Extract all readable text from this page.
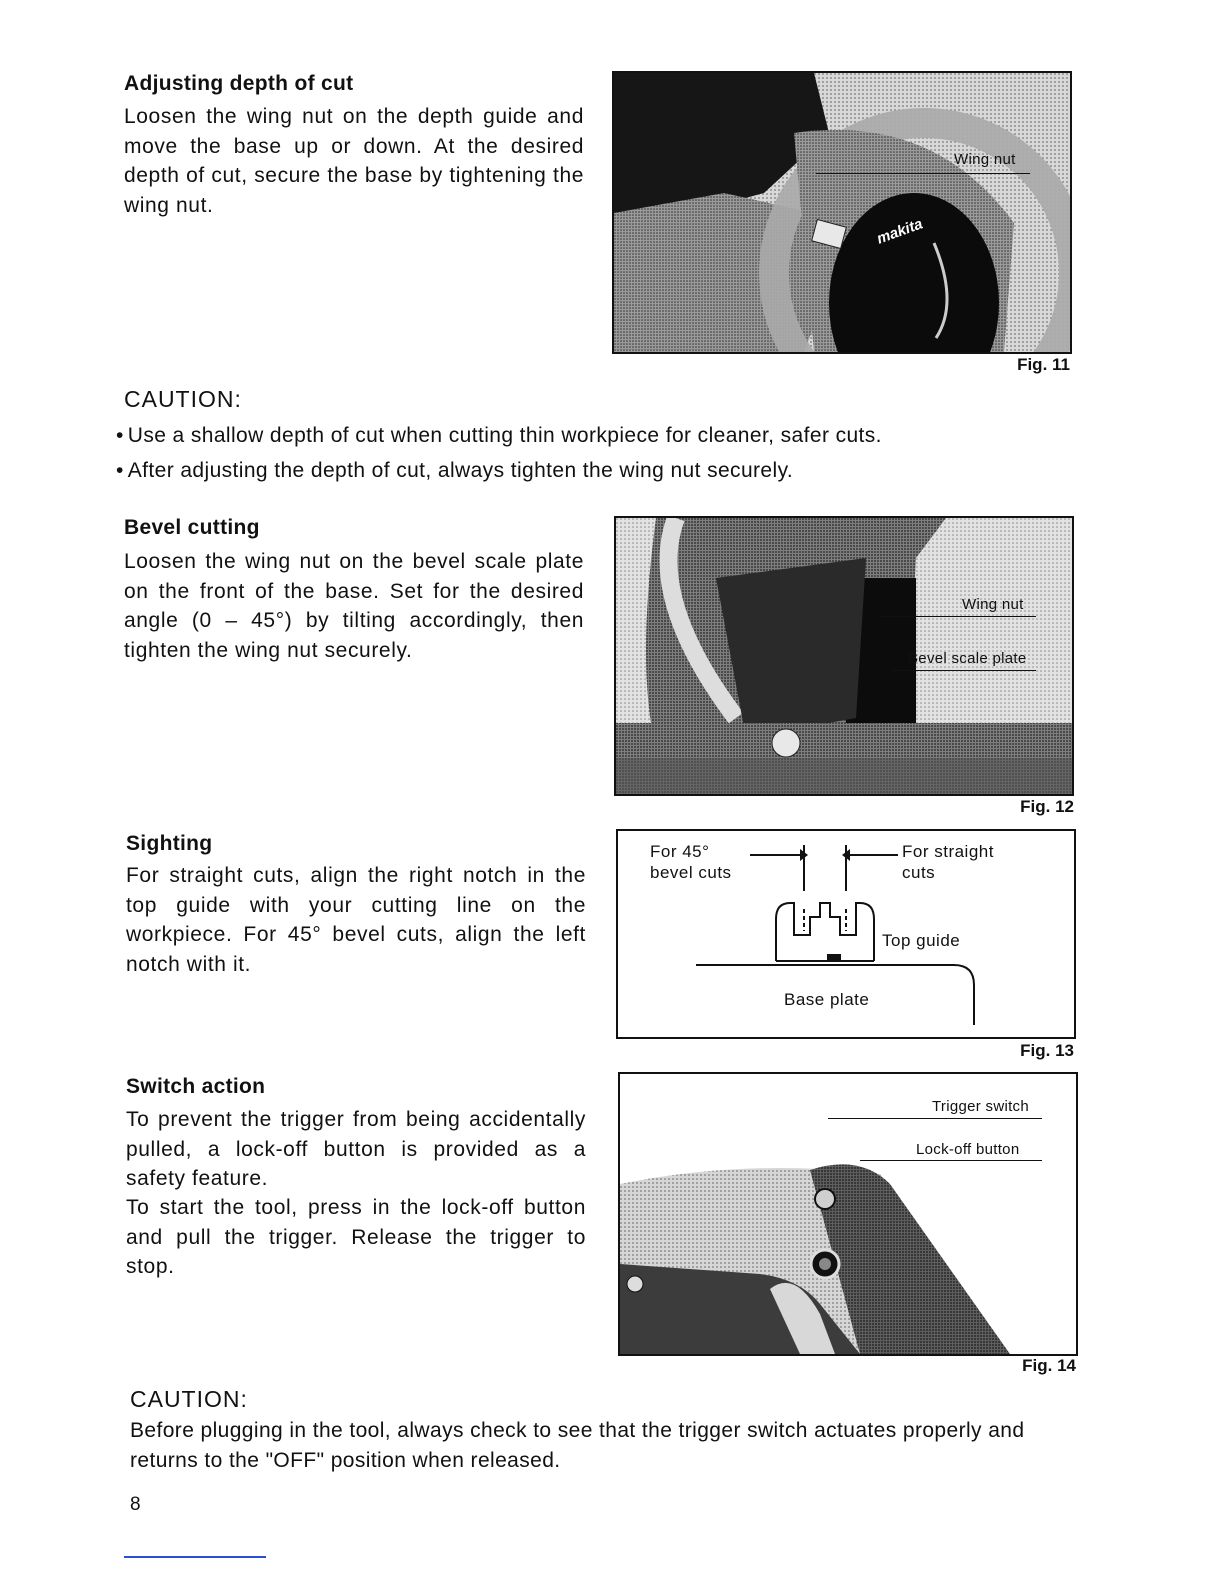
Adjusting depth of cut
Loosen the wing nut on the depth guide and move the base up or down. At the desired depth of cut, secure the base by tightening the wing nut.
Wing nut
makita
Fig. 11
CAUTION:
• Use a shallow depth of cut when cutting thin workpiece for cleaner, safer cuts.
• After adjusting the depth of cut, always tighten the wing nut securely.
Bevel cutting
Loosen the wing nut on the bevel scale plate on the front of the base. Set for the desired angle (0 – 45°) by tilting accordingly, then tighten the wing nut securely.
Wing nut
Bevel scale plate
Fig. 12
Sighting
For straight cuts, align the right notch in the top guide with your cutting line on the workpiece. For 45° bevel cuts, align the left notch with it.
For 45°
bevel cuts
For straight
cuts
Top guide
Base plate
Fig. 13
Switch action
To prevent the trigger from being accidentally pulled, a lock-off button is provided as a safety feature.
To start the tool, press in the lock-off button and pull the trigger. Release the trigger to stop.
Trigger switch
Lock-off button
Fig. 14
CAUTION:
Before plugging in the tool, always check to see that the trigger switch actuates properly and returns to the "OFF" position when released.
8
